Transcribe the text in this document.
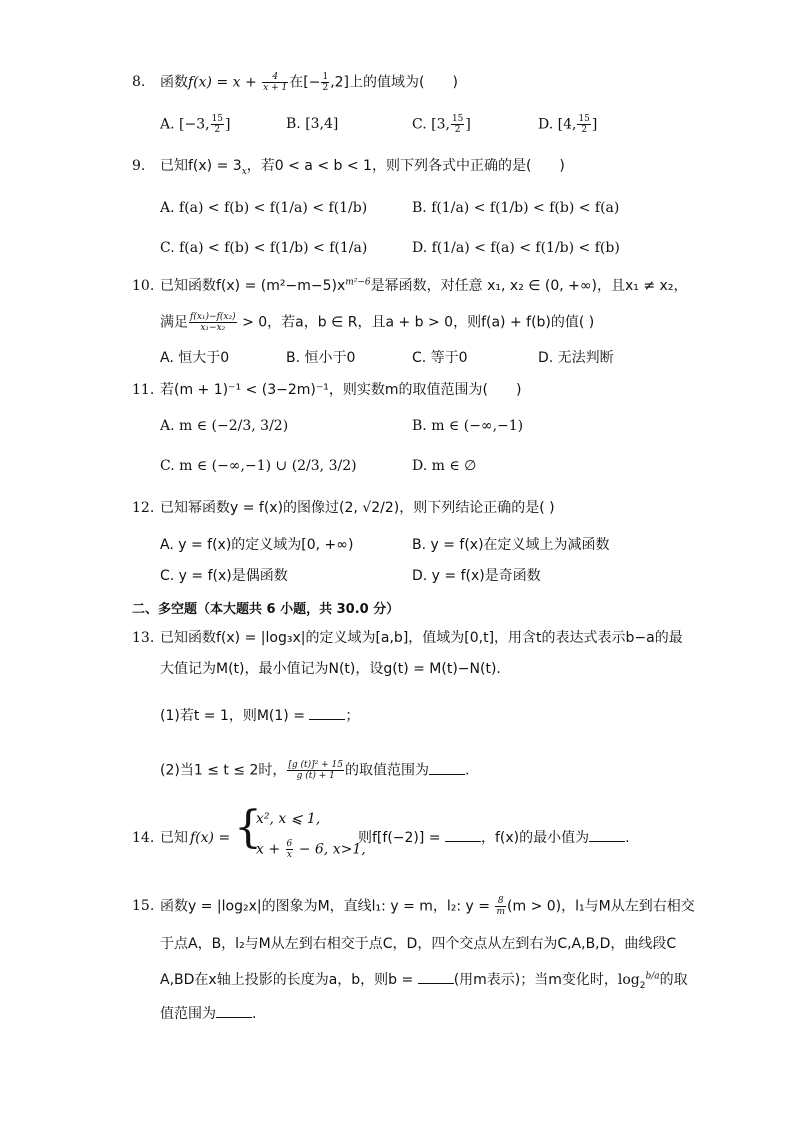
8. 函数$f(x) = x + \frac{4}{x + 1}$ 在[− $\frac{1}{2} ,2$]上的值域为(　　)
A. [−3, $\frac{15}{2}$ ]	B. [3,4]	C. [3, $\frac{15}{2}$ ]	D. [4, $\frac{15}{2}$ ]
9. 已知$f(x) = 3_x$，若0 < a < b < 1，则下列各式中正确的是(　　)
A. f(a) < f(b) < f(1/a) < f(1/b)	B. f(1/a) < f(1/b) < f(b) < f(a)
C. f(a) < f(b) < f(1/b) < f(1/a)	D. f(1/a) < f(a) < f(1/b) < f(b)
10. 已知函数$f(x) = (m^2-m-5)x^{m^2-6}$是幂函数，对任意 x₁, x₂ ∈ (0, +∞)，且x₁ ≠ x₂，
满足 $\frac{\text{f(x₁)−f(x₂)}}{\text{x₁−x₂}} > 0$，若a，b ∈ R，且a + b > 0，则f(a) + f(b)的值( )
A. 恒大于0	B. 恒小于0	C. 等于0	D. 无法判断
11. 若(m + 1)⁻¹ < (3−2m)⁻¹，则实数m的取值范围为(　　)
A. m ∈ (−2/3, 3/2)	B. m ∈ (−∞,−1)
C. m ∈ (−∞,−1) ∪ (2/3, 3/2)	D. m ∈ ∅
12. 已知幂函数y = f(x)的图像过(2, √2/2)，则下列结论正确的是( )
A. y = f(x)的定义域为[0, +∞)	B. y = f(x)在定义域上为减函数
C. y = f(x)是偶函数	D. y = f(x)是奇函数
二、多空题（本大题共 6 小题，共 30.0 分）
13. 已知函数f(x) = |log₃x|的定义域为[a,b]，值域为[0,t]，用含t的表达式表示b−a的最
大值记为M(t)，最小值记为N(t)，设g(t) = M(t)−N(t).
(1)若t = 1，则M(1) =	；
(2)当1 ≤ t ≤ 2时， $\frac{\text{[g (t)]² + 15}}{g (t) + 1}$ 的取值范围为	.
14. 已知 f(x) = {
x², x ⩽ 1,
$x + \frac{6}{x} - 6$, x>1,
则f[f(−2)] =	，f(x)的最小值为	.
15. 函数y = |log₂x|的图象为M，直线l₁: y = m，l₂: $y = \frac{8}{m} (m > 0)$，l₁与M从左到右相交
于点A，B，l₂与M从左到右相交于点C，D，四个交点从左到右为C,A,B,D，曲线段C
A,BD在x轴上投影的长度为a，b，则b =	(用m表示)；当m变化时，$\log_2^{b/a}$的取
值范围为	.
